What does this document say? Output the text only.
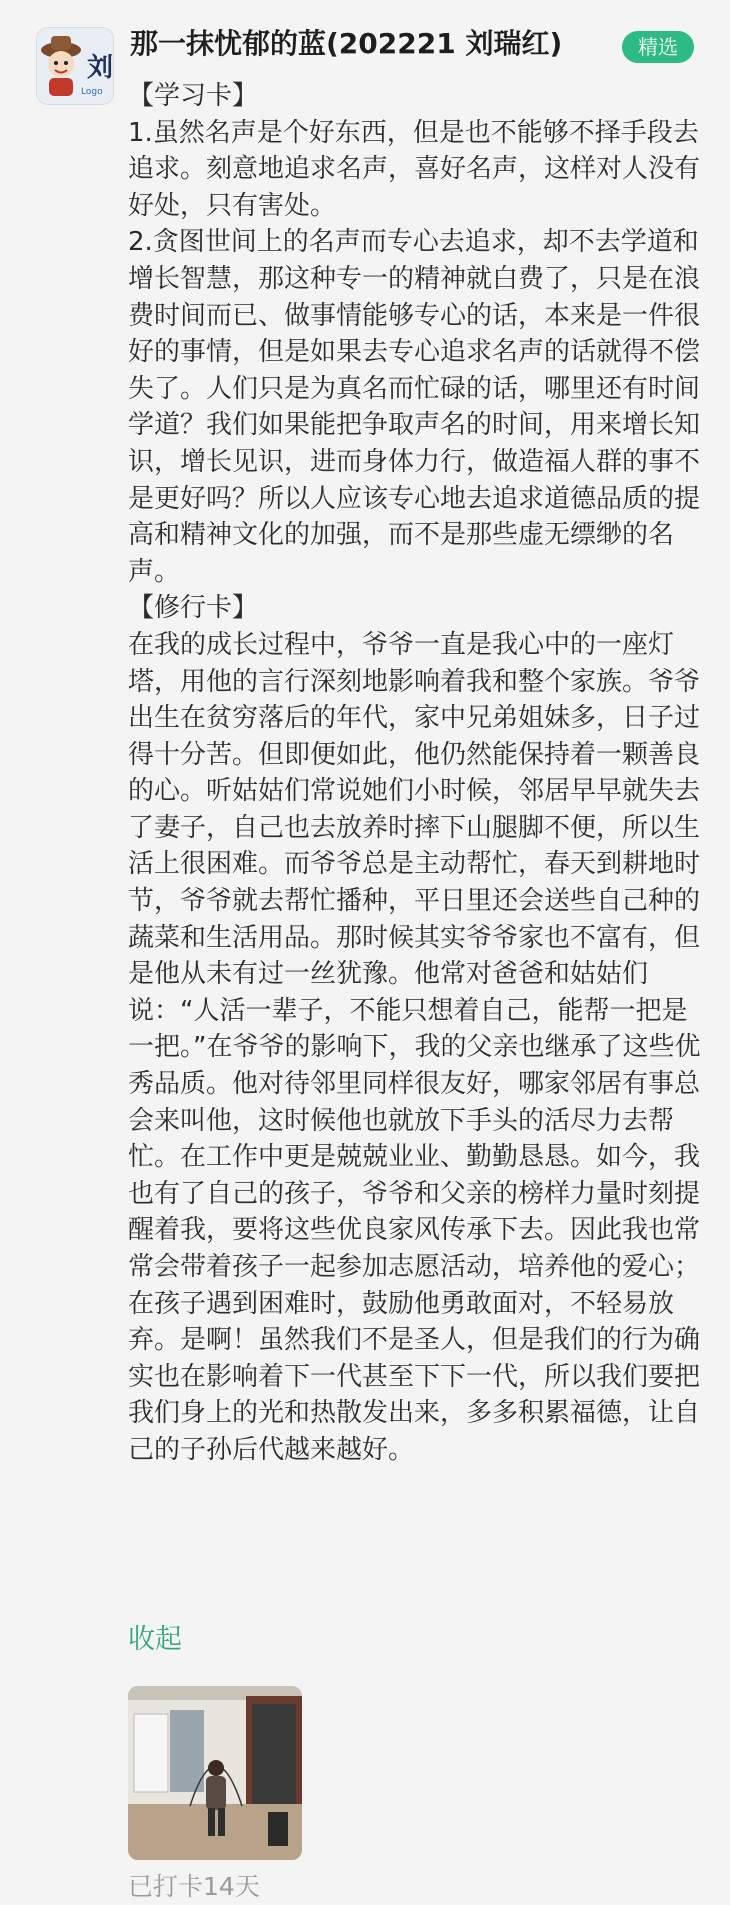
刘
Logo
那一抹忧郁的蓝(202221 刘瑞红)	精选

【学习卡】

1.虽然名声是个好东西，但是也不能够不择手段去追求。刻意地追求名声，喜好名声，这样对人没有好处，只有害处。

2.贪图世间上的名声而专心去追求，却不去学道和增长智慧，那这种专一的精神就白费了，只是在浪费时间而已、做事情能够专心的话，本来是一件很好的事情，但是如果去专心追求名声的话就得不偿失了。人们只是为真名而忙碌的话，哪里还有时间学道？我们如果能把争取声名的时间，用来增长知识，增长见识，进而身体力行，做造福人群的事不是更好吗？所以人应该专心地去追求道德品质的提高和精神文化的加强，而不是那些虚无缥缈的名声。

【修行卡】

在我的成长过程中，爷爷一直是我心中的一座灯塔，用他的言行深刻地影响着我和整个家族。爷爷出生在贫穷落后的年代，家中兄弟姐妹多，日子过得十分苦。但即便如此，他仍然能保持着一颗善良的心。听姑姑们常说她们小时候，邻居早早就失去了妻子，自己也去放养时摔下山腿脚不便，所以生活上很困难。而爷爷总是主动帮忙，春天到耕地时节，爷爷就去帮忙播种，平日里还会送些自己种的蔬菜和生活用品。那时候其实爷爷家也不富有，但是他从未有过一丝犹豫。他常对爸爸和姑姑们说：“人活一辈子，不能只想着自己，能帮一把是一把。”在爷爷的影响下，我的父亲也继承了这些优秀品质。他对待邻里同样很友好，哪家邻居有事总会来叫他，这时候他也就放下手头的活尽力去帮忙。在工作中更是兢兢业业、勤勤恳恳。如今，我也有了自己的孩子，爷爷和父亲的榜样力量时刻提醒着我，要将这些优良家风传承下去。因此我也常常会带着孩子一起参加志愿活动，培养他的爱心；在孩子遇到困难时，鼓励他勇敢面对，不轻易放弃。是啊！虽然我们不是圣人，但是我们的行为确实也在影响着下一代甚至下下一代，所以我们要把我们身上的光和热散发出来，多多积累福德，让自己的子孙后代越来越好。

收起
已打卡14天
